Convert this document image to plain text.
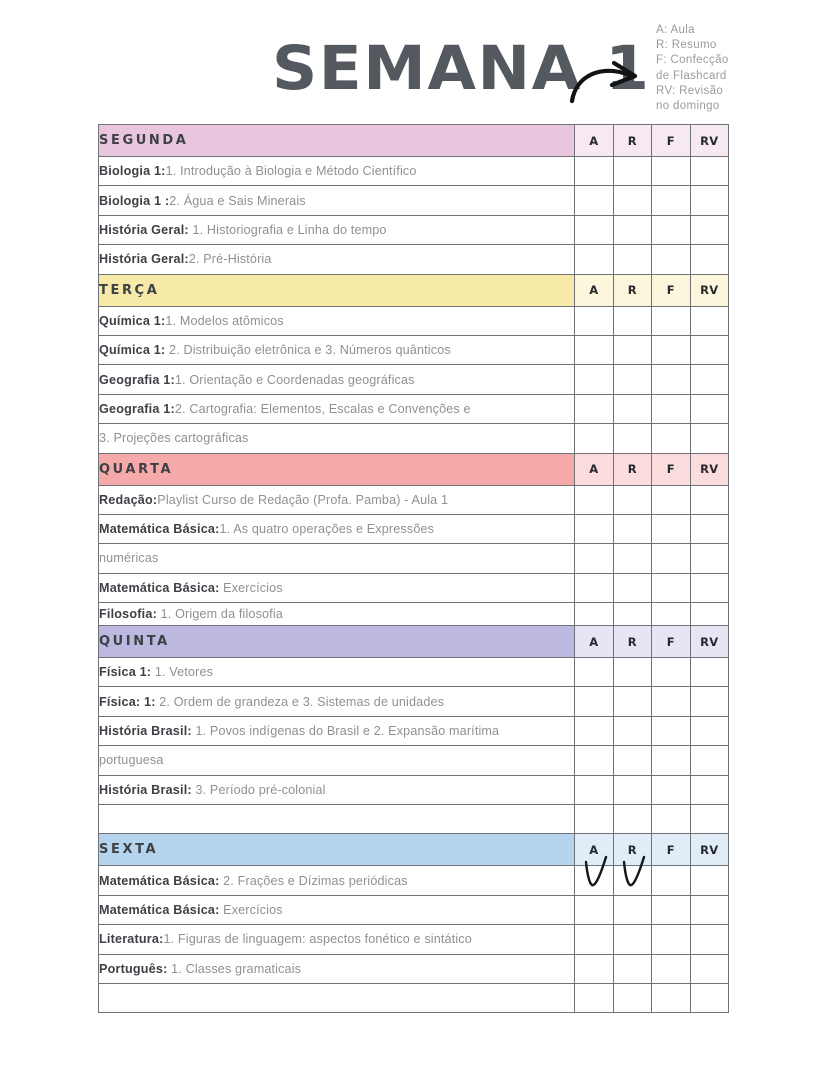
SEMANA 1
A: Aula
R: Resumo
F: Confecção
de Flashcard
RV: Revisão
no domingo
SEGUNDA	A	R	F	RV
Biologia 1:1. Introdução à Biologia e Método Científico				
Biologia 1 :2. Água e Sais Minerais				
História Geral: 1. Historiografia e Linha do tempo				
História Geral:2. Pré-História				
TERÇA	A	R	F	RV
Química 1:1. Modelos atômicos				
Química 1: 2. Distribuição eletrônica e 3. Números quânticos				
Geografia 1:1. Orientação e Coordenadas geográficas				
Geografia 1:2. Cartografia: Elementos, Escalas e Convenções e				
3. Projeções cartográficas				
QUARTA	A	R	F	RV
Redação:Playlist Curso de Redação (Profa. Pamba) - Aula 1				
Matemática Básica:1. As quatro operações e Expressões				
numéricas				
Matemática Básica: Exercícios				
Filosofia: 1. Origem da filosofia				
QUINTA	A	R	F	RV
Física 1: 1. Vetores				
Física: 1: 2. Ordem de grandeza e 3. Sistemas de unidades				
História Brasil: 1. Povos indígenas do Brasil e 2. Expansão marítima				
portuguesa				
História Brasil: 3. Período pré-colonial				

SEXTA	A	R	F	RV
Matemática Básica: 2. Frações e Dízimas periódicas	

Matemática Básica: Exercícios				
Literatura:1. Figuras de linguagem: aspectos fonético e sintático				
Português: 1. Classes gramaticais				
